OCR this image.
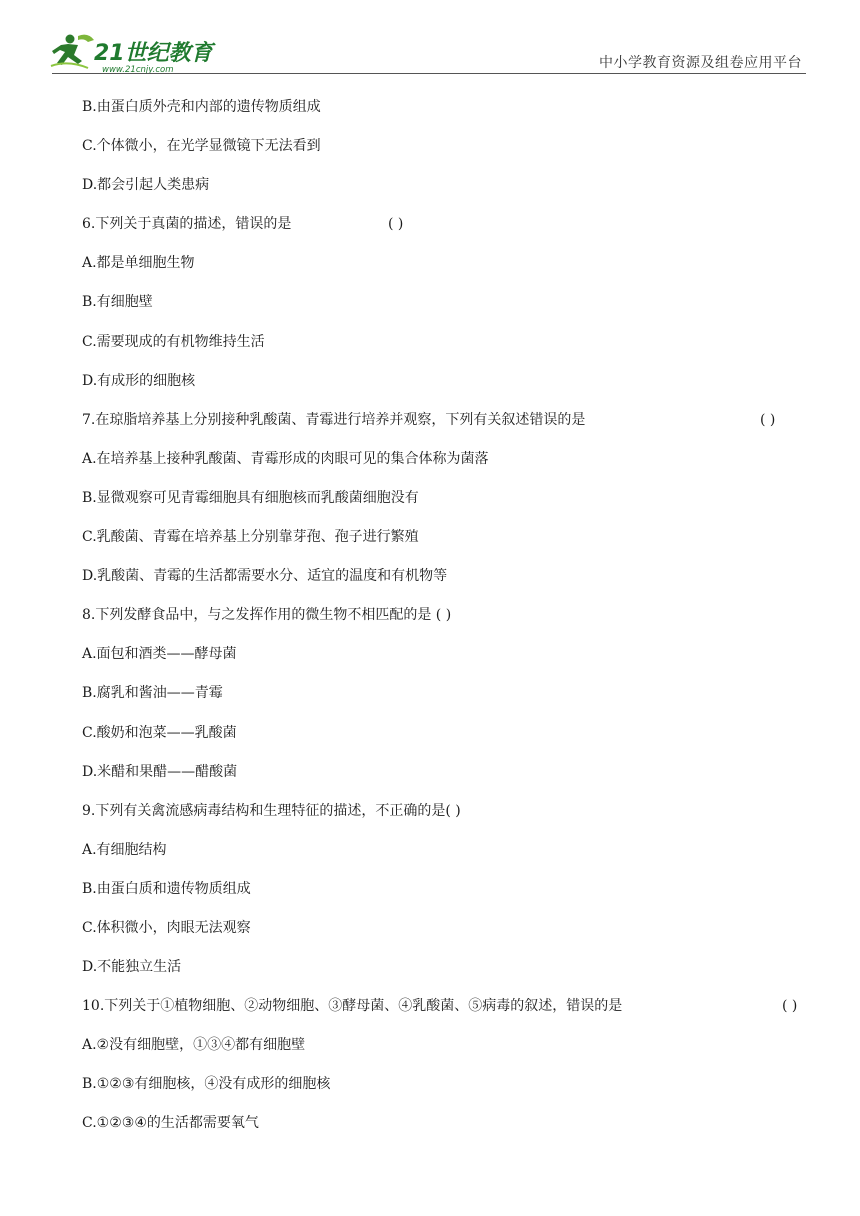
21世纪教育
www.21cnjy.com	中小学教育资源及组卷应用平台
B.由蛋白质外壳和内部的遗传物质组成
C.个体微小，在光学显微镜下无法看到
D.都会引起人类患病
6.下列关于真菌的描述，错误的是	( )
A.都是单细胞生物
B.有细胞壁
C.需要现成的有机物维持生活
D.有成形的细胞核
7.在琼脂培养基上分别接种乳酸菌、青霉进行培养并观察，下列有关叙述错误的是	( )
A.在培养基上接种乳酸菌、青霉形成的肉眼可见的集合体称为菌落
B.显微观察可见青霉细胞具有细胞核而乳酸菌细胞没有
C.乳酸菌、青霉在培养基上分别靠芽孢、孢子进行繁殖
D.乳酸菌、青霉的生活都需要水分、适宜的温度和有机物等
8.下列发酵食品中，与之发挥作用的微生物不相匹配的是 ( )
A.面包和酒类——酵母菌
B.腐乳和酱油——青霉
C.酸奶和泡菜——乳酸菌
D.米醋和果醋——醋酸菌
9.下列有关禽流感病毒结构和生理特征的描述，不正确的是( )
A.有细胞结构
B.由蛋白质和遗传物质组成
C.体积微小，肉眼无法观察
D.不能独立生活
10.下列关于①植物细胞、②动物细胞、③酵母菌、④乳酸菌、⑤病毒的叙述，错误的是	( )
A.②没有细胞壁，①③④都有细胞壁
B.①②③有细胞核，④没有成形的细胞核
C.①②③④的生活都需要氧气
